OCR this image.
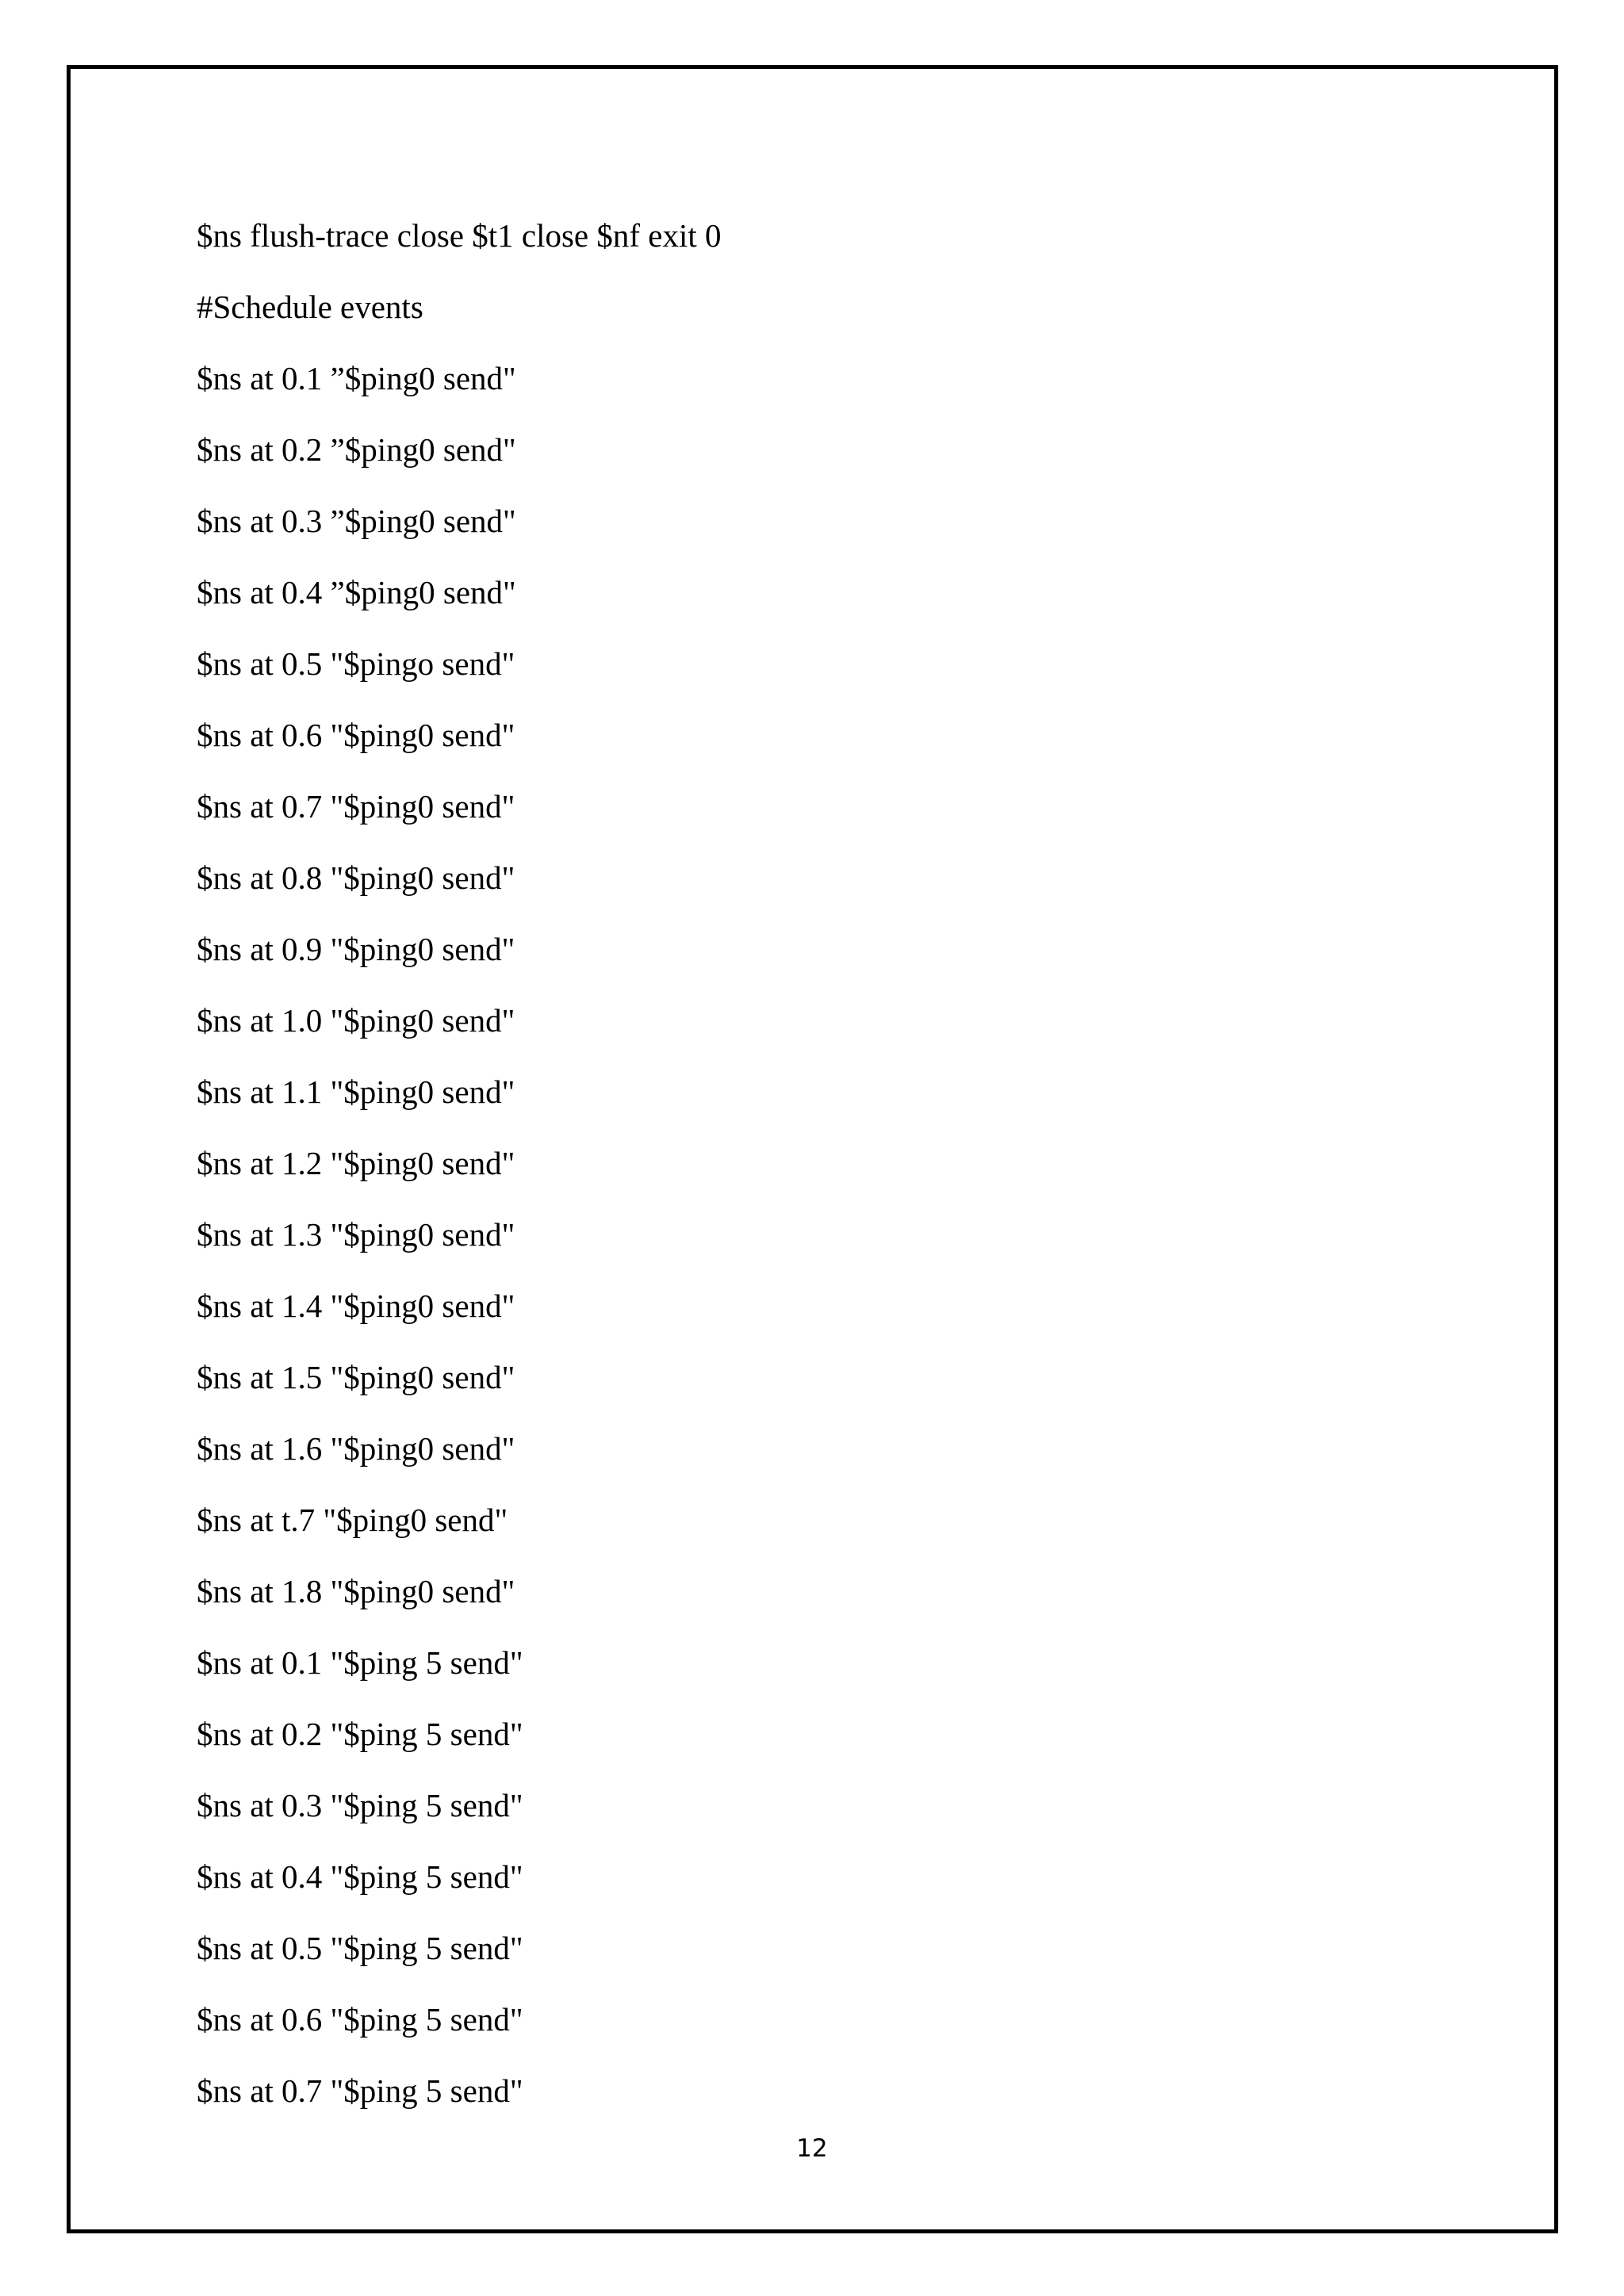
$ns flush-trace close $t1 close $nf exit 0
#Schedule events
$ns at 0.1 ”$ping0 send"
$ns at 0.2 ”$ping0 send"
$ns at 0.3 ”$ping0 send"
$ns at 0.4 ”$ping0 send"
$ns at 0.5 "$pingo send"
$ns at 0.6 "$ping0 send"
$ns at 0.7 "$ping0 send"
$ns at 0.8 "$ping0 send"
$ns at 0.9 "$ping0 send"
$ns at 1.0 "$ping0 send"
$ns at 1.1 "$ping0 send"
$ns at 1.2 "$ping0 send"
$ns at 1.3 "$ping0 send"
$ns at 1.4 "$ping0 send"
$ns at 1.5 "$ping0 send"
$ns at 1.6 "$ping0 send"
$ns at t.7 "$ping0 send"
$ns at 1.8 "$ping0 send"
$ns at 0.1 "$ping 5 send"
$ns at 0.2 "$ping 5 send"
$ns at 0.3 "$ping 5 send"
$ns at 0.4 "$ping 5 send"
$ns at 0.5 "$ping 5 send"
$ns at 0.6 "$ping 5 send"
$ns at 0.7 "$ping 5 send"
12
